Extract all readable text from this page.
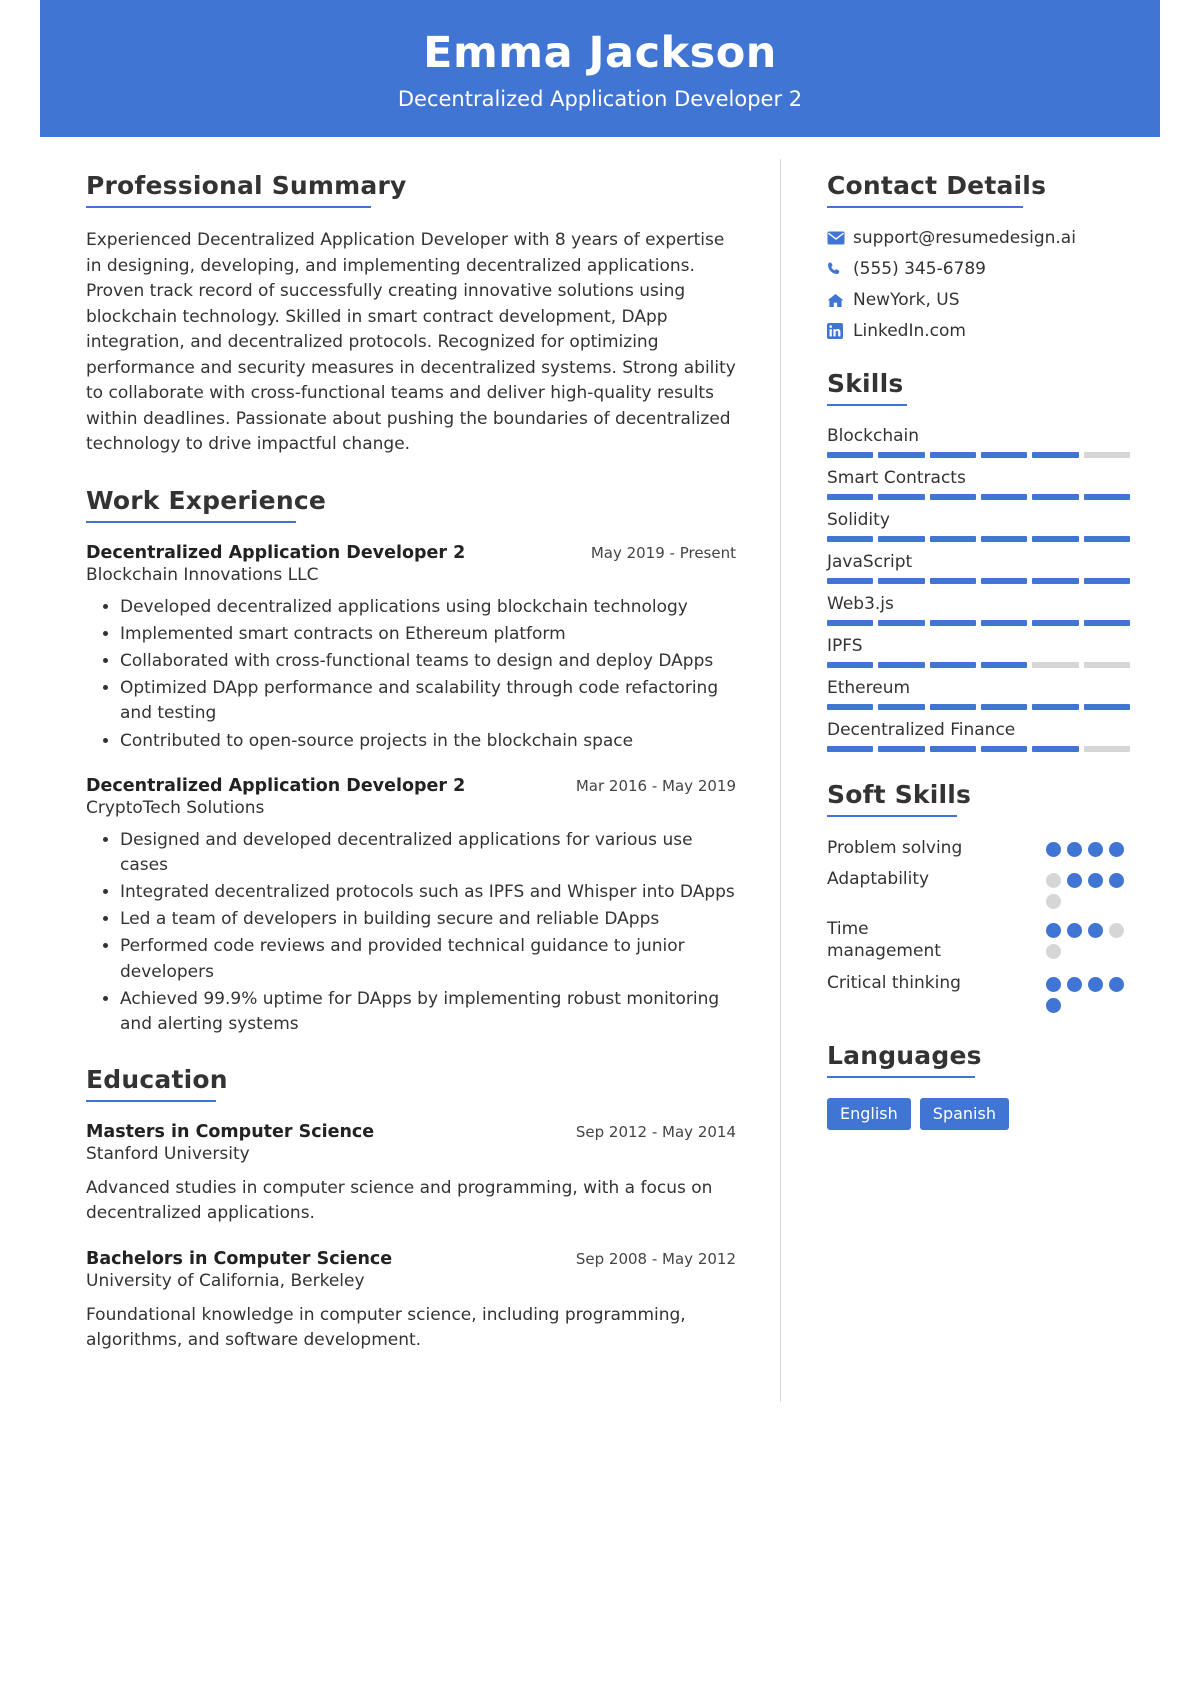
Emma Jackson

Decentralized Application Developer 2

Professional Summary

Experienced Decentralized Application Developer with 8 years of expertise in designing, developing, and implementing decentralized applications. Proven track record of successfully creating innovative solutions using blockchain technology. Skilled in smart contract development, DApp integration, and decentralized protocols. Recognized for optimizing performance and security measures in decentralized systems. Strong ability to collaborate with cross-functional teams and deliver high-quality results within deadlines. Passionate about pushing the boundaries of decentralized technology to drive impactful change.

Work Experience
Decentralized Application Developer 2	May 2019 - Present
Blockchain Innovations LLC
• Developed decentralized applications using blockchain technology
• Implemented smart contracts on Ethereum platform
• Collaborated with cross-functional teams to design and deploy DApps
• Optimized DApp performance and scalability through code refactoring and testing
• Contributed to open-source projects in the blockchain space
Decentralized Application Developer 2	Mar 2016 - May 2019
CryptoTech Solutions
• Designed and developed decentralized applications for various use cases
• Integrated decentralized protocols such as IPFS and Whisper into DApps
• Led a team of developers in building secure and reliable DApps
• Performed code reviews and provided technical guidance to junior developers
• Achieved 99.9% uptime for DApps by implementing robust monitoring and alerting systems
Education
Masters in Computer Science	Sep 2012 - May 2014
Stanford University
Advanced studies in computer science and programming, with a focus on decentralized applications.
Bachelors in Computer Science	Sep 2008 - May 2012
University of California, Berkeley
Foundational knowledge in computer science, including programming, algorithms, and software development.
Contact Details
support@resumedesign.ai
(555) 345-6789
NewYork, US
LinkedIn.com
Skills
Blockchain
Smart Contracts
Solidity
JavaScript
Web3.js
IPFS
Ethereum
Decentralized Finance
Soft Skills
Problem solving
Adaptability
Time management
Critical thinking
Languages
English	Spanish
